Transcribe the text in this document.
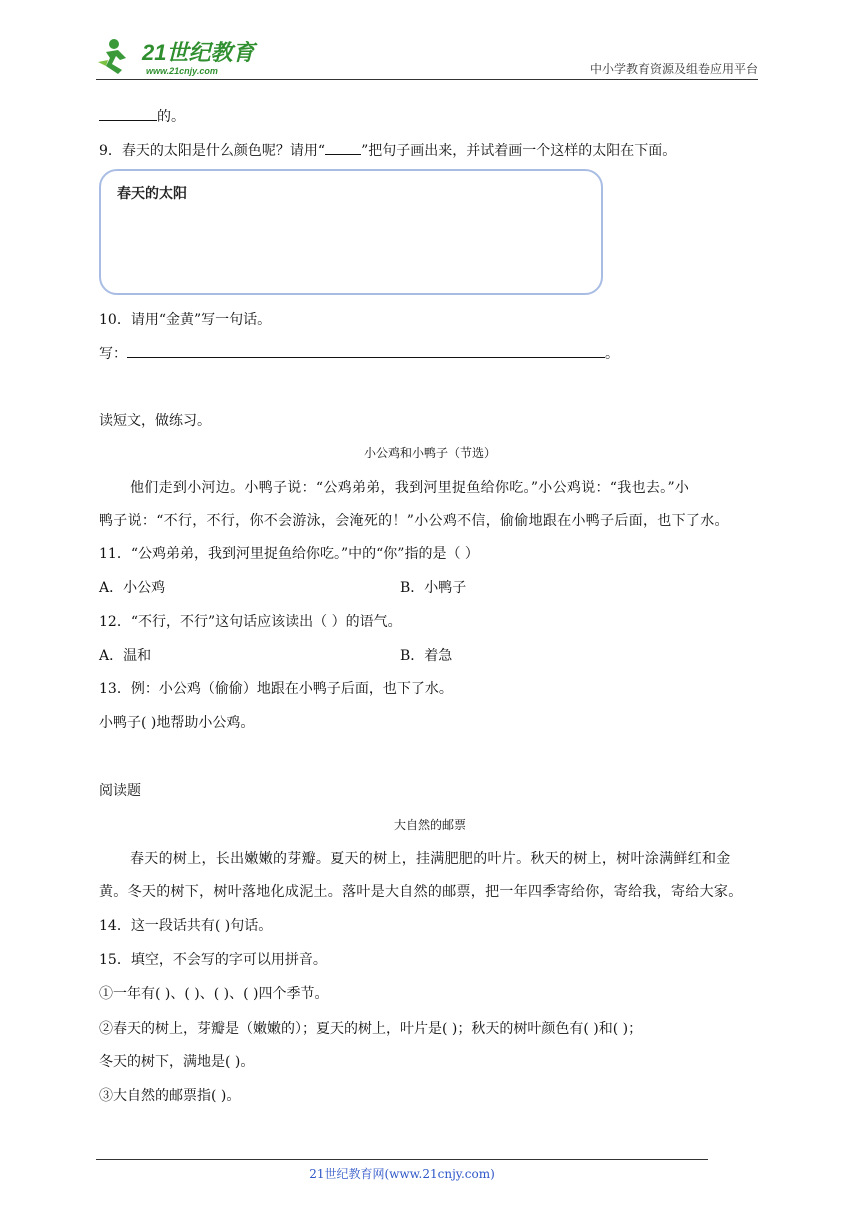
21世纪教育
www.21cnjy.com	中小学教育资源及组卷应用平台
的。
9．春天的太阳是什么颜色呢？请用“	”把句子画出来，并试着画一个这样的太阳在下面。
春天的太阳
10．请用“金黄”写一句话。
写：	。
读短文，做练习。
小公鸡和小鸭子（节选）
他们走到小河边。小鸭子说：“公鸡弟弟，我到河里捉鱼给你吃。”小公鸡说：“我也去。”小
鸭子说：“不行，不行，你不会游泳，会淹死的！”小公鸡不信，偷偷地跟在小鸭子后面，也下了水。
11．“公鸡弟弟，我到河里捉鱼给你吃。”中的“你”指的是（ ）
A．小公鸡	B．小鸭子
12．“不行，不行”这句话应该读出（ ）的语气。
A．温和	B．着急
13．例：小公鸡（偷偷）地跟在小鸭子后面，也下了水。
小鸭子( )地帮助小公鸡。
阅读题
大自然的邮票
春天的树上，长出嫩嫩的芽瓣。夏天的树上，挂满肥肥的叶片。秋天的树上，树叶涂满鲜红和金
黄。冬天的树下，树叶落地化成泥土。落叶是大自然的邮票，把一年四季寄给你，寄给我，寄给大家。
14．这一段话共有( )句话。
15．填空，不会写的字可以用拼音。
①一年有( )、( )、( )、( )四个季节。
②春天的树上，芽瓣是（嫩嫩的）；夏天的树上，叶片是( )；秋天的树叶颜色有( )和( )；
冬天的树下，满地是( )。
③大自然的邮票指( )。
21世纪教育网(www.21cnjy.com)
